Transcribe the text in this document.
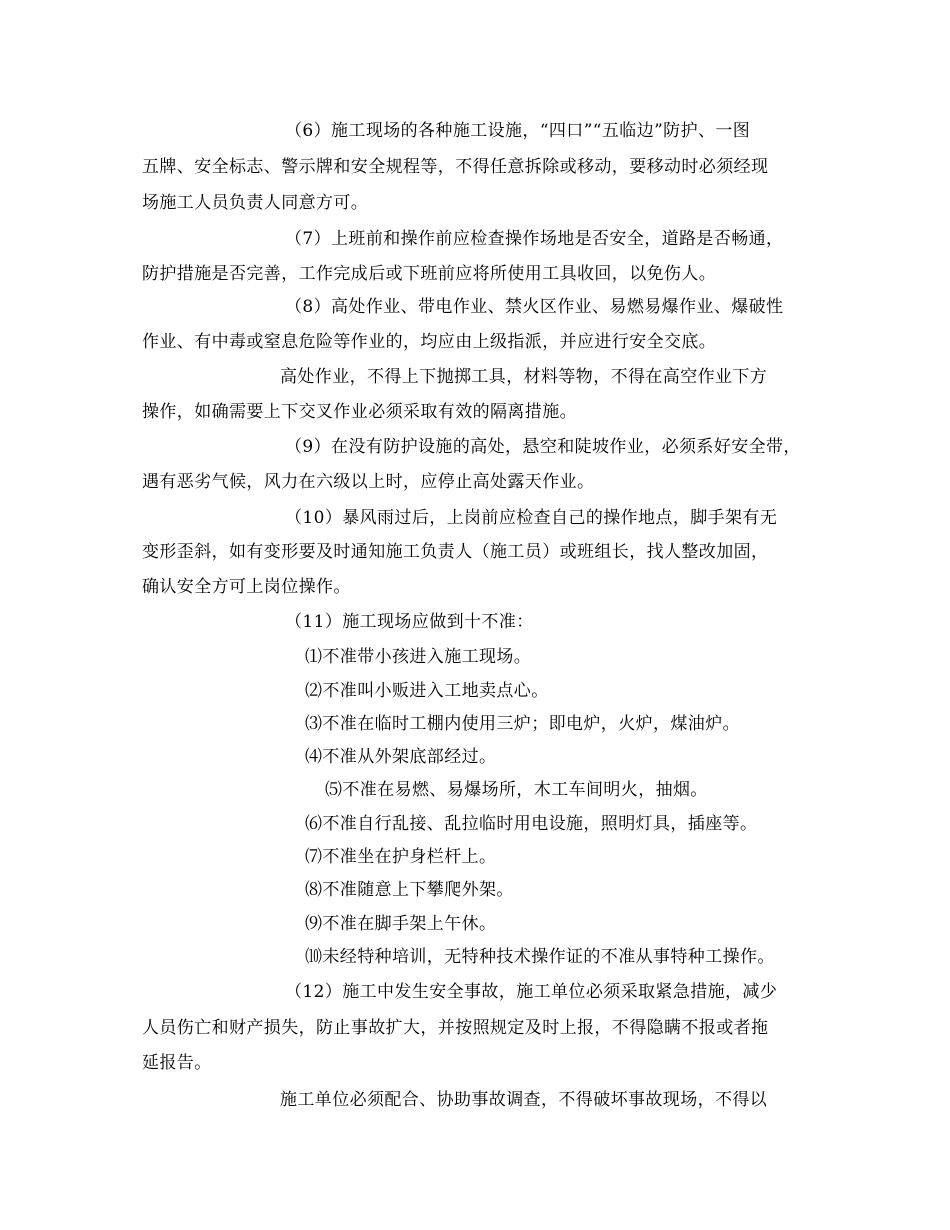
（6）施工现场的各种施工设施，“四口”“五临边”防护、一图
五牌、安全标志、警示牌和安全规程等，不得任意拆除或移动，要移动时必须经现
场施工人员负责人同意方可。
（7）上班前和操作前应检查操作场地是否安全，道路是否畅通，
防护措施是否完善，工作完成后或下班前应将所使用工具收回，以免伤人。
（8）高处作业、带电作业、禁火区作业、易燃易爆作业、爆破性
作业、有中毒或窒息危险等作业的，均应由上级指派，并应进行安全交底。
高处作业，不得上下抛掷工具，材料等物，不得在高空作业下方
操作，如确需要上下交叉作业必须采取有效的隔离措施。
（9）在没有防护设施的高处，悬空和陡坡作业，必须系好安全带，
遇有恶劣气候，风力在六级以上时，应停止高处露天作业。
（10）暴风雨过后，上岗前应检查自己的操作地点，脚手架有无
变形歪斜，如有变形要及时通知施工负责人（施工员）或班组长，找人整改加固，
确认安全方可上岗位操作。
（11）施工现场应做到十不准：
⑴不准带小孩进入施工现场。
⑵不准叫小贩进入工地卖点心。
⑶不准在临时工棚内使用三炉；即电炉，火炉，煤油炉。
⑷不准从外架底部经过。
⑸不准在易燃、易爆场所，木工车间明火，抽烟。
⑹不准自行乱接、乱拉临时用电设施，照明灯具，插座等。
⑺不准坐在护身栏杆上。
⑻不准随意上下攀爬外架。
⑼不准在脚手架上午休。
⑽未经特种培训，无特种技术操作证的不准从事特种工操作。
（12）施工中发生安全事故，施工单位必须采取紧急措施，减少
人员伤亡和财产损失，防止事故扩大，并按照规定及时上报，不得隐瞒不报或者拖
延报告。
施工单位必须配合、协助事故调查，不得破坏事故现场，不得以
